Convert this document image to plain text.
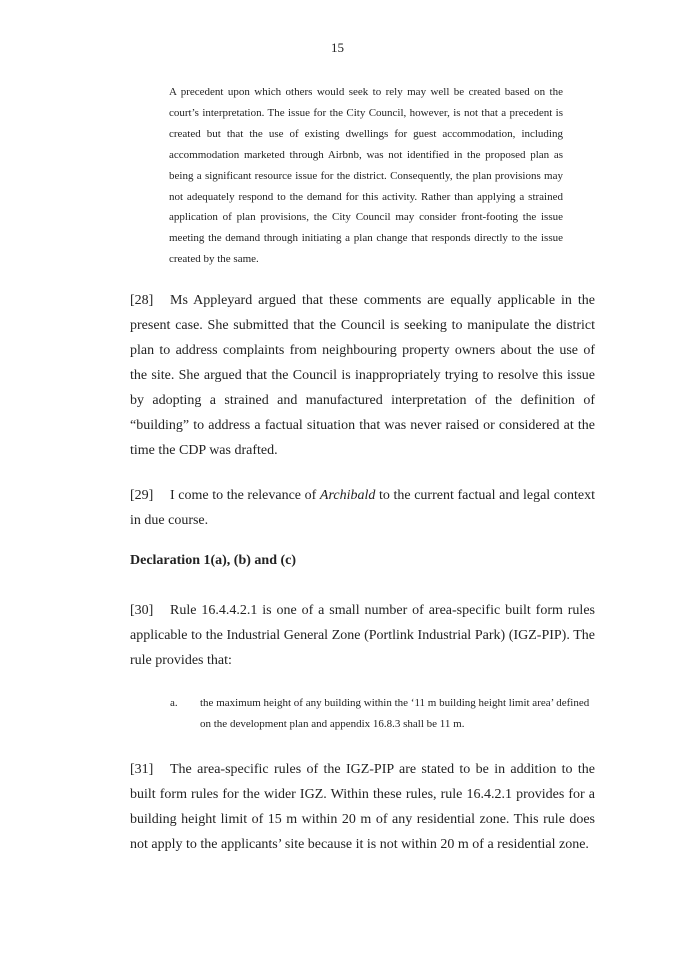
15
A precedent upon which others would seek to rely may well be created based on the court’s interpretation. The issue for the City Council, however, is not that a precedent is created but that the use of existing dwellings for guest accommodation, including accommodation marketed through Airbnb, was not identified in the proposed plan as being a significant resource issue for the district. Consequently, the plan provisions may not adequately respond to the demand for this activity. Rather than applying a strained application of plan provisions, the City Council may consider front-footing the issue meeting the demand through initiating a plan change that responds directly to the issue created by the same.
[28] Ms Appleyard argued that these comments are equally applicable in the present case. She submitted that the Council is seeking to manipulate the district plan to address complaints from neighbouring property owners about the use of the site. She argued that the Council is inappropriately trying to resolve this issue by adopting a strained and manufactured interpretation of the definition of “building” to address a factual situation that was never raised or considered at the time the CDP was drafted.
[29] I come to the relevance of Archibald to the current factual and legal context in due course.
Declaration 1(a), (b) and (c)
[30] Rule 16.4.4.2.1 is one of a small number of area-specific built form rules applicable to the Industrial General Zone (Portlink Industrial Park) (IGZ-PIP). The rule provides that:
a. the maximum height of any building within the ‘11 m building height limit area’ defined on the development plan and appendix 16.8.3 shall be 11 m.
[31] The area-specific rules of the IGZ-PIP are stated to be in addition to the built form rules for the wider IGZ. Within these rules, rule 16.4.2.1 provides for a building height limit of 15 m within 20 m of any residential zone. This rule does not apply to the applicants’ site because it is not within 20 m of a residential zone.
